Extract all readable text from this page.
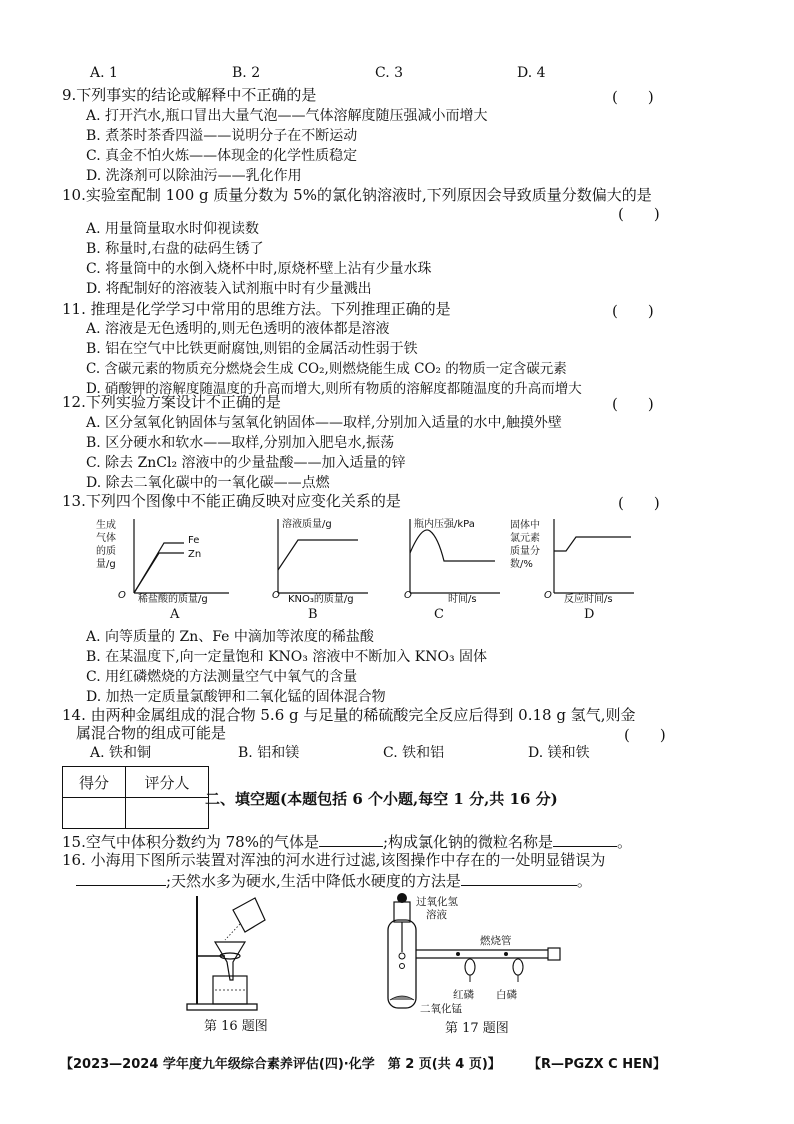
A. 1	B. 2	C. 3	D. 4
9.下列事实的结论或解释中不正确的是	(　　)
A. 打开汽水,瓶口冒出大量气泡——气体溶解度随压强减小而增大
B. 煮茶时茶香四溢——说明分子在不断运动
C. 真金不怕火炼——体现金的化学性质稳定
D. 洗涤剂可以除油污——乳化作用
10.实验室配制 100 g 质量分数为 5%的氯化钠溶液时,下列原因会导致质量分数偏大的是
(　　)
A. 用量筒量取水时仰视读数
B. 称量时,右盘的砝码生锈了
C. 将量筒中的水倒入烧杯中时,原烧杯壁上沾有少量水珠
D. 将配制好的溶液装入试剂瓶中时有少量溅出
11. 推理是化学学习中常用的思维方法。下列推理正确的是	(　　)
A. 溶液是无色透明的,则无色透明的液体都是溶液
B. 铝在空气中比铁更耐腐蚀,则铝的金属活动性弱于铁
C. 含碳元素的物质充分燃烧会生成 CO₂,则燃烧能生成 CO₂ 的物质一定含碳元素
D. 硝酸钾的溶解度随温度的升高而增大,则所有物质的溶解度都随温度的升高而增大
12.下列实验方案设计不正确的是	(　　)
A. 区分氢氧化钠固体与氢氧化钠固体——取样,分别加入适量的水中,触摸外壁
B. 区分硬水和软水——取样,分别加入肥皂水,振荡
C. 除去 ZnCl₂ 溶液中的少量盐酸——加入适量的锌
D. 除去二氧化碳中的一氧化碳——点燃
13.下列四个图像中不能正确反映对应变化关系的是	(　　)
生成
气体
的质
量/g
Fe
Zn
O 稀盐酸的质量/g
A
溶液质量/g
O KNO₃的质量/g
B
瓶内压强/kPa
O	时间/s
C
固体中
氯元素
质量分
数/%
O 反应时间/s
D
A. 向等质量的 Zn、Fe 中滴加等浓度的稀盐酸
B. 在某温度下,向一定量饱和 KNO₃ 溶液中不断加入 KNO₃ 固体
C. 用红磷燃烧的方法测量空气中氧气的含量
D. 加热一定质量氯酸钾和二氧化锰的固体混合物
14. 由两种金属组成的混合物 5.6 g 与足量的稀硫酸完全反应后得到 0.18 g 氢气,则金
属混合物的组成可能是	(　　)
A. 铁和铜	B. 铝和镁	C. 铁和铝	D. 镁和铁
得分	评分人

二、填空题(本题包括 6 个小题,每空 1 分,共 16 分)
15.空气中体积分数约为 78%的气体是	;构成氯化钠的微粒名称是	。
16. 小海用下图所示装置对浑浊的河水进行过滤,该图操作中存在的一处明显错误为
;天然水多为硬水,生活中降低水硬度的方法是	。
第 16 题图
过氧化氢
溶液
燃烧管
红磷 白磷
二氧化锰
第 17 题图
【2023—2024 学年度九年级综合素养评估(四)·化学　第 2 页(共 4 页)】 【R—PGZX C HEN】
